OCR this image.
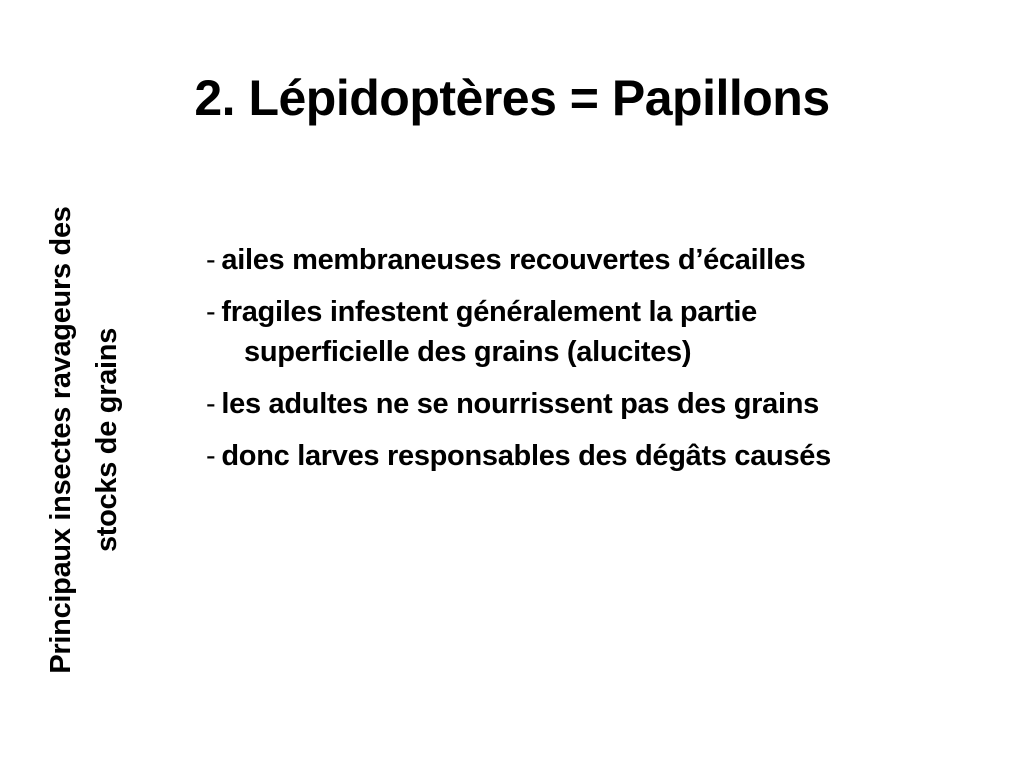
2. Lépidoptères = Papillons
Principaux insectes ravageurs des stocks de grains
- ailes membraneuses recouvertes d’écailles
- fragiles infestent généralement la partie
superficielle des grains (alucites)
- les adultes ne se nourrissent pas des grains
- donc larves responsables des dégâts causés
